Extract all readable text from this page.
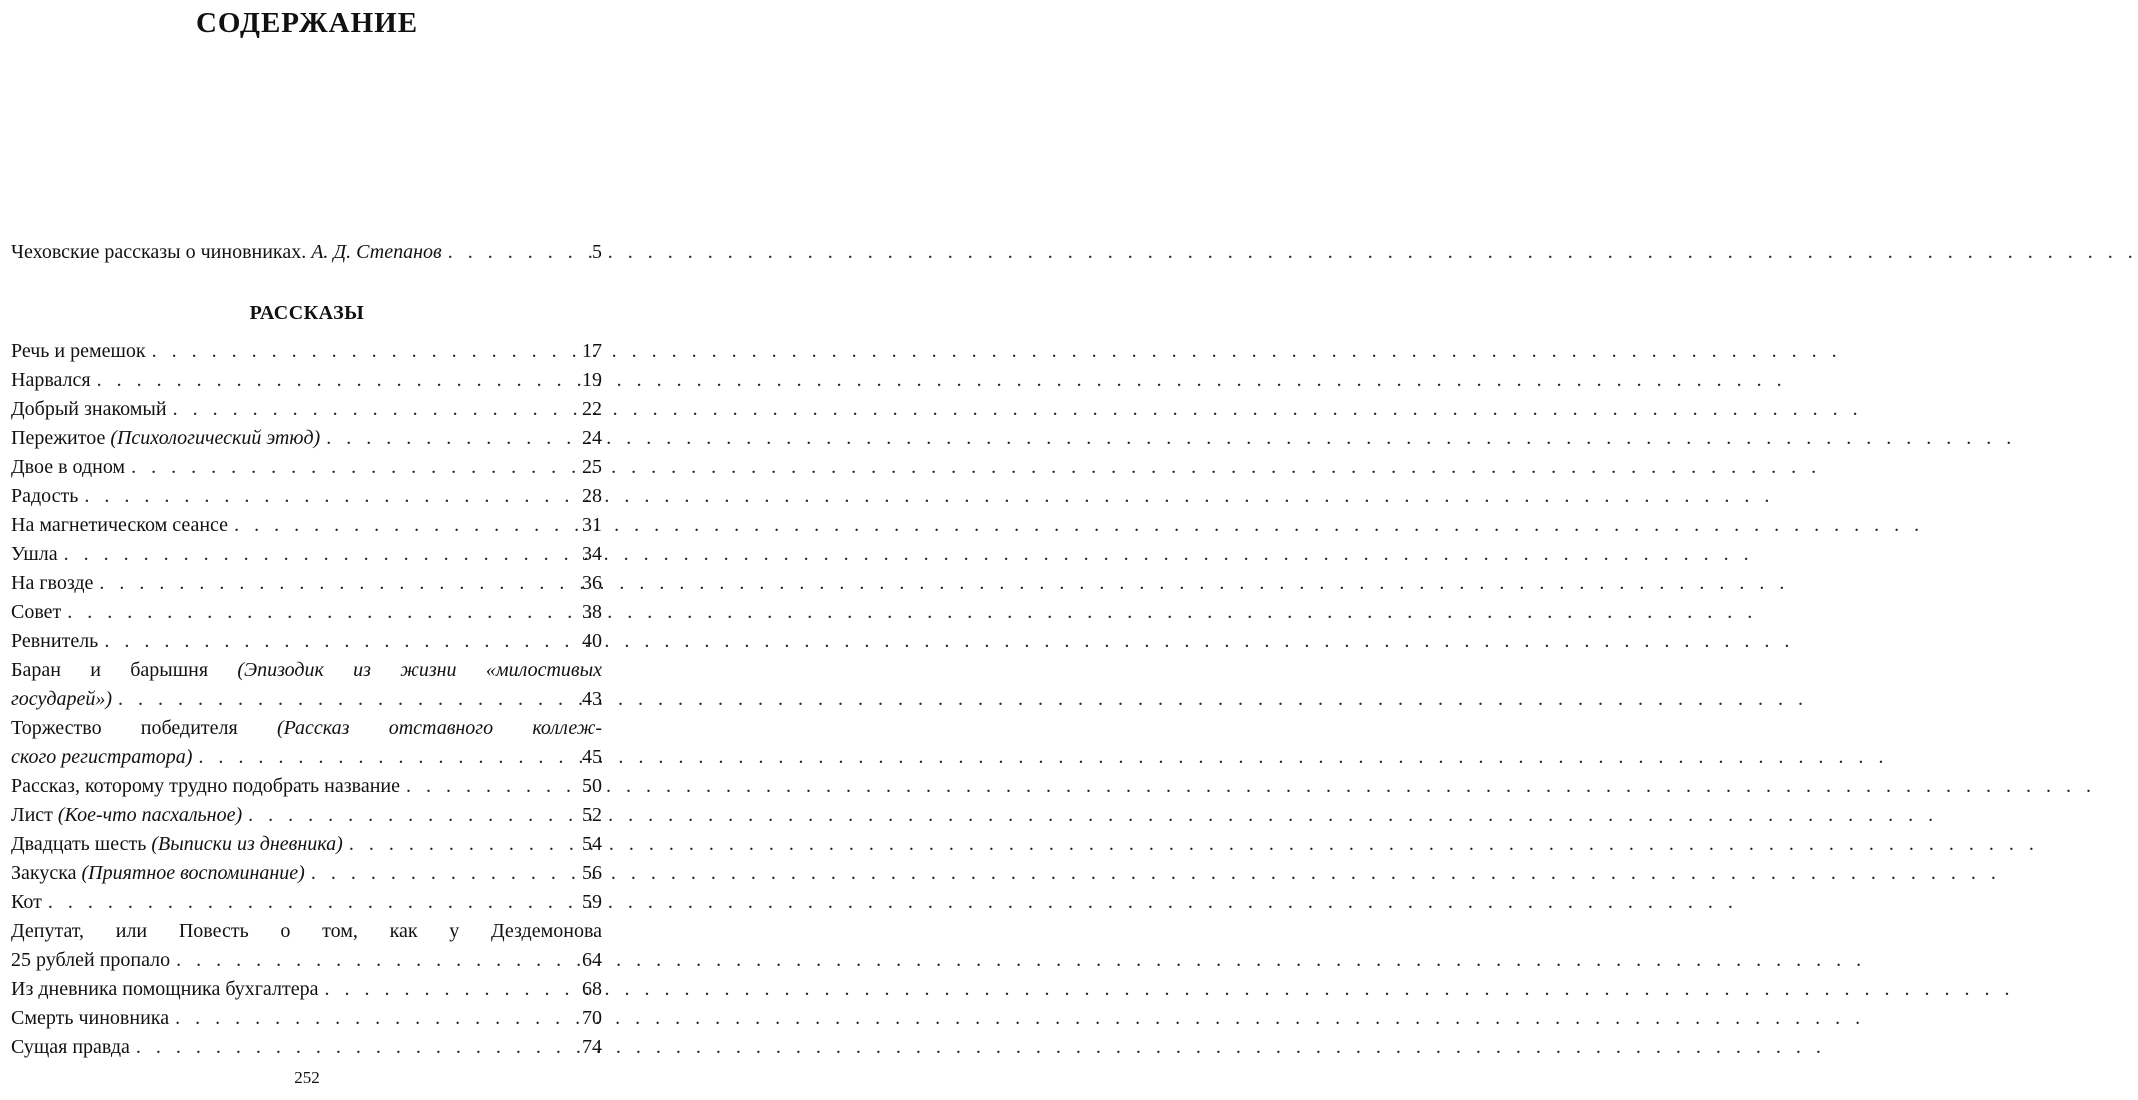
СОДЕРЖАНИЕ
Чеховские рассказы о чиновниках. А. Д. Степанов . . .	5
РАССКАЗЫ
Речь и ремешок . . .	17
Нарвался . . .	19
Добрый знакомый . . .	22
Пережитое (Психологический этюд) . . .	24
Двое в одном . . .	25
Радость . . .	28
На магнетическом сеансе . . .	31
Ушла . . .	34
На гвозде . . .	36
Совет . . .	38
Ревнитель . . .	40
Баран и барышня (Эпизодик из жизни «милостивых
государей») . . .	43
Торжество победителя (Рассказ отставного коллеж-
ского регистратора) . . .	45
Рассказ, которому трудно подобрать название . . .	50
Лист (Кое-что пасхальное) . . .	52
Двадцать шесть (Выписки из дневника) . . .	54
Закуска (Приятное воспоминание) . . .	56
Кот . . .	59
Депутат, или Повесть о том, как у Дездемонова
25 рублей пропало . . .	64
Из дневника помощника бухгалтера . . .	68
Смерть чиновника . . .	70
Сущая правда . . .	74
252
